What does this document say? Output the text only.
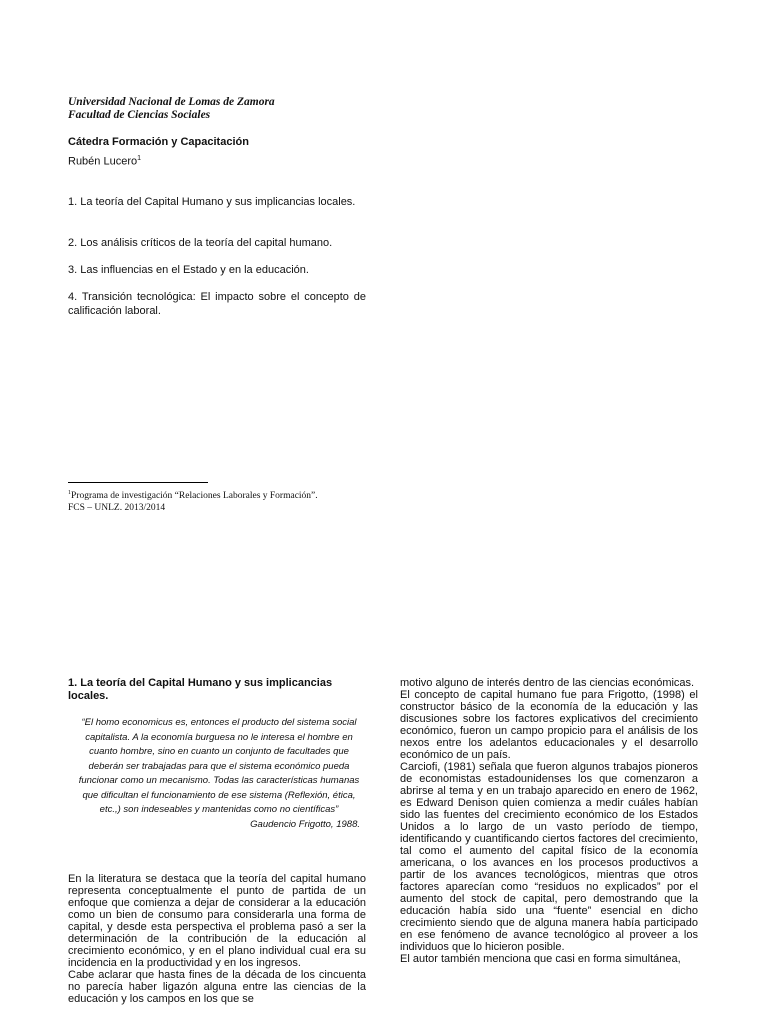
Universidad Nacional de Lomas de Zamora
Facultad de Ciencias Sociales
Cátedra Formación y Capacitación
Rubén Lucero$^1$
1. La teoría del Capital Humano y sus implicancias locales.
2. Los análisis críticos de la teoría del capital humano.
3. Las influencias en el Estado y en la educación.
4. Transición tecnológica: El impacto sobre el concepto de calificación laboral.
$^1$Programa de investigación “Relaciones Laborales y Formación”.
FCS – UNLZ. 2013/2014
1. La teoría del Capital Humano y sus implicancias locales.
“El homo economicus es, entonces el producto del sistema social capitalista. A la economía burguesa no le interesa el hombre en cuanto hombre, sino en cuanto un conjunto de facultades que deberán ser trabajadas para que el sistema económico pueda funcionar como un mecanismo. Todas las características humanas que dificultan el funcionamiento de ese sistema (Reflexión, ética, etc.,) son indeseables y mantenidas como no científicas”
Gaudencio Frigotto, 1988.

En la literatura se destaca que la teoría del capital humano representa conceptualmente el punto de partida de un enfoque que comienza a dejar de considerar a la educación como un bien de consumo para considerarla una forma de capital, y desde esta perspectiva el problema pasó a ser la determinación de la contribución de la educación al crecimiento económico, y en el plano individual cual era su incidencia en la productividad y en los ingresos.

Cabe aclarar que hasta fines de la década de los cincuenta no parecía haber ligazón alguna entre las ciencias de la educación y los campos en los que se

motivo alguno de interés dentro de las ciencias económicas.

El concepto de capital humano fue para Frigotto, (1998) el constructor básico de la economía de la educación y las discusiones sobre los factores explicativos del crecimiento económico, fueron un campo propicio para el análisis de los nexos entre los adelantos educacionales y el desarrollo económico de un país.

Carciofi, (1981) señala que fueron algunos trabajos pioneros de economistas estadounidenses los que comenzaron a abrirse al tema y en un trabajo aparecido en enero de 1962, es Edward Denison quien comienza a medir cuáles habían sido las fuentes del crecimiento económico de los Estados Unidos a lo largo de un vasto período de tiempo, identificando y cuantificando ciertos factores del crecimiento, tal como el aumento del capital físico de la economía americana, o los avances en los procesos productivos a partir de los avances tecnológicos, mientras que otros factores aparecían como “residuos no explicados” por el aumento del stock de capital, pero demostrando que la educación había sido una “fuente” esencial en dicho crecimiento siendo que de alguna manera había participado en ese fenómeno de avance tecnológico al proveer a los individuos que lo hicieron posible.

El autor también menciona que casi en forma simultánea,
